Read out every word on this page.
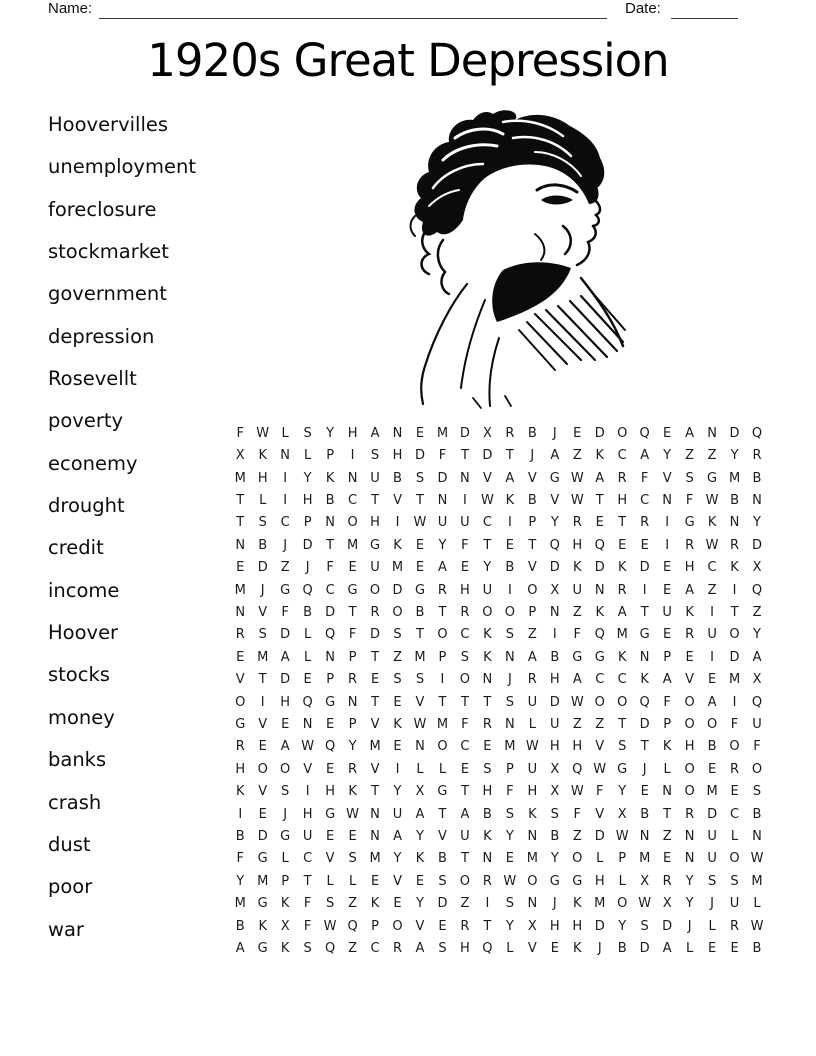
Name:	Date:
1920s Great Depression
Hoovervilles
unemployment
foreclosure
stockmarket
government
depression
Rosevellt
poverty
econemy
drought
credit
income
Hoover
stocks
money
banks
crash
dust
poor
war
F W L	S	Y	H	A	N	E M D	X	R	B	J	E	D O Q	E	A	N D Q
X	K	N	L	P	I	S	H D	F	T	D	T	J	A	Z	K	C	A	Y	Z	Z	Y	R
M H	I	Y	K	N U	B	S	D N	V	A	V G W A	R	F	V	S	G M B
T	L	I	H	B	C	T	V	T	N	I	W K	B	V W T	H	C	N	F W B	N
T	S	C	P	N O H	I	W U U	C	I	P	Y	R	E	T	R	I	G	K	N	Y
N	B	J	D	T M G	K	E	Y	F	T	E	T	Q H Q	E	E	I	R W R D
E	D	Z	J	F	E	U M E	A	E	Y	B	V	D	K	D	K	D	E	H	C	K	X
M	J	G Q C G O D G R	H U	I	O X	U N	R	I	E	A	Z	I	Q
N	V	F	B	D	T	R O B	T	R O O	P	N	Z	K	A	T	U	K	I	T	Z
R	S	D	L	Q	F	D	S	T	O C	K	S	Z	I	F	Q M G	E	R	U O	Y
E M A	L	N	P	T	Z M P	S	K	N	A	B G G	K	N	P	E	I	D	A
V	T	D	E	P	R	E	S	S	I	O N	J	R	H	A	C	C	K	A	V	E M X
O	I	H Q G N	T	E	V	T	T	T	S	U D W O O Q	F	O A	I	Q
G V	E	N	E	P	V	K W M	F	R	N	L	U	Z	Z	T	D	P	O O	F	U
R	E	A W Q	Y M E	N O C	E M W H H	V	S	T	K	H	B O	F
H O O V	E	R	V	I	L	L	E	S	P	U	X Q W G	J	L	O	E	R O
K	V	S	I	H	K	T	Y	X G	T	H	F	H	X W F	Y	E	N O M E	S
I	E	J	H G W N U	A	T	A	B	S	K	S	F	V	X	B	T	R D C	B
B	D G U	E	E	N	A	Y	V	U	K	Y	N	B	Z	D W N	Z	N U	L	N
F	G	L	C	V	S M Y	K	B	T	N	E M Y	O	L	P M E	N U O W
Y M P	T	L	L	E	V	E	S	O R W O G G H	L	X	R	Y	S	S M
M G	K	F	S	Z	K	E	Y	D	Z	I	S	N	J	K M O W X	Y	J	U	L
B	K	X	F W Q	P	O V	E	R	T	Y	X	H H D	Y	S	D	J	L	R W
A G	K	S	Q Z	C	R	A	S	H Q	L	V	E	K	J	B	D	A	L	E	E	B
